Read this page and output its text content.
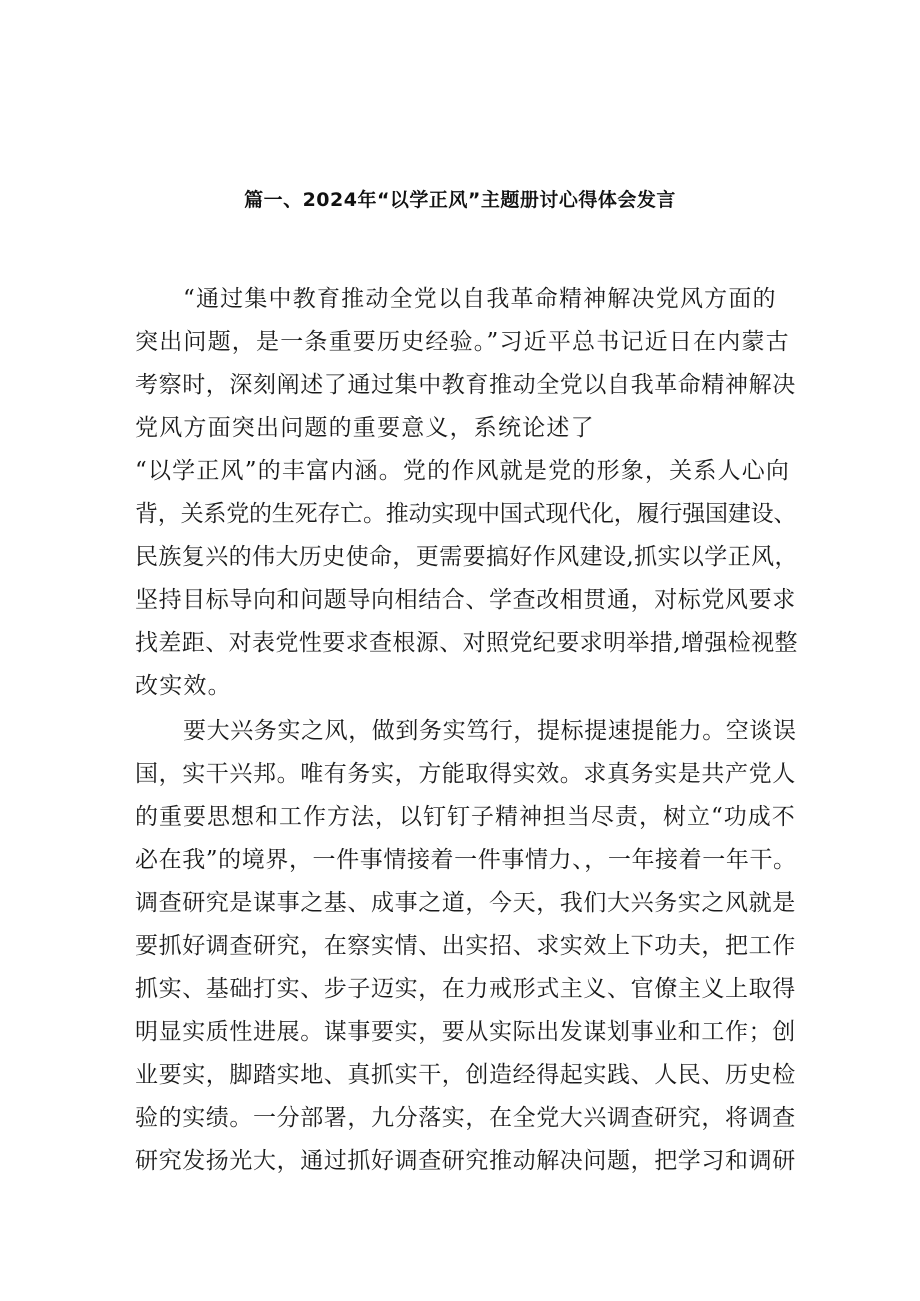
篇一、2024年“以学正风”主题册讨心得体会发言
“通过集中教育推动全党以自我革命精神解决党风方面的
突出问题，是一条重要历史经验。”习近平总书记近日在内蒙古
考察时，深刻阐述了通过集中教育推动全党以自我革命精神解决
党风方面突出问题的重要意义，系统论述了
“以学正风”的丰富内涵。党的作风就是党的形象，关系人心向
背，关系党的生死存亡。推动实现中国式现代化，履行强国建设、
民族复兴的伟大历史使命，更需要搞好作风建设,抓实以学正风，
坚持目标导向和问题导向相结合、学查改相贯通，对标党风要求
找差距、对表党性要求查根源、对照党纪要求明举措,增强检视整
改实效。
要大兴务实之风，做到务实笃行，提标提速提能力。空谈误
国，实干兴邦。唯有务实，方能取得实效。求真务实是共产党人
的重要思想和工作方法，以钉钉子精神担当尽责，树立“功成不
必在我”的境界，一件事情接着一件事情力、，一年接着一年干。
调查研究是谋事之基、成事之道，今天，我们大兴务实之风就是
要抓好调查研究，在察实情、出实招、求实效上下功夫，把工作
抓实、基础打实、步子迈实，在力戒形式主义、官僚主义上取得
明显实质性进展。谋事要实，要从实际出发谋划事业和工作；创
业要实，脚踏实地、真抓实干，创造经得起实践、人民、历史检
验的实绩。一分部署，九分落实，在全党大兴调查研究，将调查
研究发扬光大，通过抓好调查研究推动解决问题，把学习和调研
